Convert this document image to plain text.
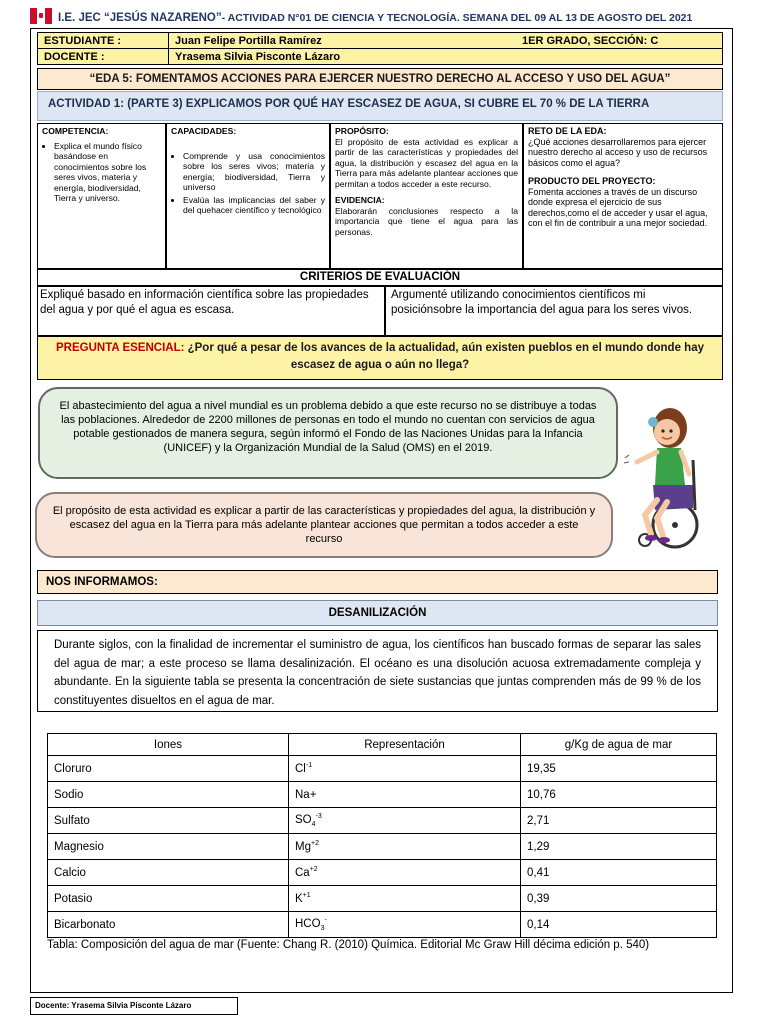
I.E. JEC “JESÚS NAZARENO”- ACTIVIDAD N°01 DE CIENCIA Y TECNOLOGÍA. SEMANA DEL 09 AL 13 DE AGOSTO DEL 2021
ESTUDIANTE :	Juan Felipe Portilla Ramírez	1ER GRADO, SECCIÓN: C
DOCENTE :	Yrasema Silvia Pisconte Lázaro	
“EDA 5: FOMENTAMOS ACCIONES PARA EJERCER NUESTRO DERECHO AL ACCESO Y USO DEL AGUA”
ACTIVIDAD 1: (PARTE 3) EXPLICAMOS POR QUÉ HAY ESCASEZ DE AGUA, SI CUBRE EL 70 % DE LA TIERRA
COMPETENCIA:
• Explica el mundo físico basándose en conocimientos sobre los seres vivos, materia y energía, biodiversidad, Tierra y universo.
CAPACIDADES:
• Comprende y usa conocimientos sobre los seres vivos; materia y energía; biodiversidad, Tierra y universo
• Evalúa las implicancias del saber y del quehacer científico y tecnológico
PROPÓSITO:
El propósito de esta actividad es explicar a partir de las características y propiedades del agua, la distribución y escasez del agua en la Tierra para más adelante plantear acciones que permitan a todos acceder a este recurso.
EVIDENCIA:
Elaborarán conclusiones respecto a la importancia que tiene el agua para las personas.
RETO DE LA EDA:
¿Qué acciones desarrollaremos para ejercer nuestro derecho al acceso y uso de recursos básicos como el agua?
PRODUCTO DEL PROYECTO:
Fomenta acciones a través de un discurso donde expresa el ejercicio de sus derechos,como el de acceder y usar el agua, con el fin de contribuir a una mejor sociedad.
CRITERIOS DE EVALUACIÓN
Expliqué basado en información científica sobre las propiedades del agua y por qué el agua es escasa.
Argumenté utilizando conocimientos científicos mi posiciónsobre la importancia del agua para los seres vivos.
PREGUNTA ESENCIAL: ¿Por qué a pesar de los avances de la actualidad, aún existen pueblos en el mundo donde hay escasez de agua o aún no llega?
El abastecimiento del agua a nivel mundial es un problema debido a que este recurso no se distribuye a todas las poblaciones. Alrededor de 2200 millones de personas en todo el mundo no cuentan con servicios de agua potable gestionados de manera segura, según informó el Fondo de las Naciones Unidas para la Infancia (UNICEF) y la Organización Mundial de la Salud (OMS) en el 2019.
El propósito de esta actividad es explicar a partir de las características y propiedades del agua, la distribución y escasez del agua en la Tierra para más adelante plantear acciones que permitan a todos acceder a este recurso
NOS INFORMAMOS:
DESANILIZACIÓN
Durante siglos, con la finalidad de incrementar el suministro de agua, los científicos han buscado formas de separar las sales del agua de mar; a este proceso se llama desalinización. El océano es una disolución acuosa extremadamente compleja y abundante. En la siguiente tabla se presenta la concentración de siete sustancias que juntas comprenden más de 99 % de los constituyentes disueltos en el agua de mar.
Iones	Representación	g/Kg de agua de mar
Cloruro	$Cl^{-1}$	19,35
Sodio	Na+	10,76
Sulfato	$SO_4^{-3}$	2,71
Magnesio	$Mg^{+2}$	1,29
Calcio	$Ca^{+2}$	0,41
Potasio	$K^{+1}$	0,39
Bicarbonato	$HCO_3^-$	0,14
Tabla: Composición del agua de mar (Fuente: Chang R. (2010) Química. Editorial Mc Graw Hill décima edición p. 540)
Docente: Yrasema Silvia Pisconte Lázaro
